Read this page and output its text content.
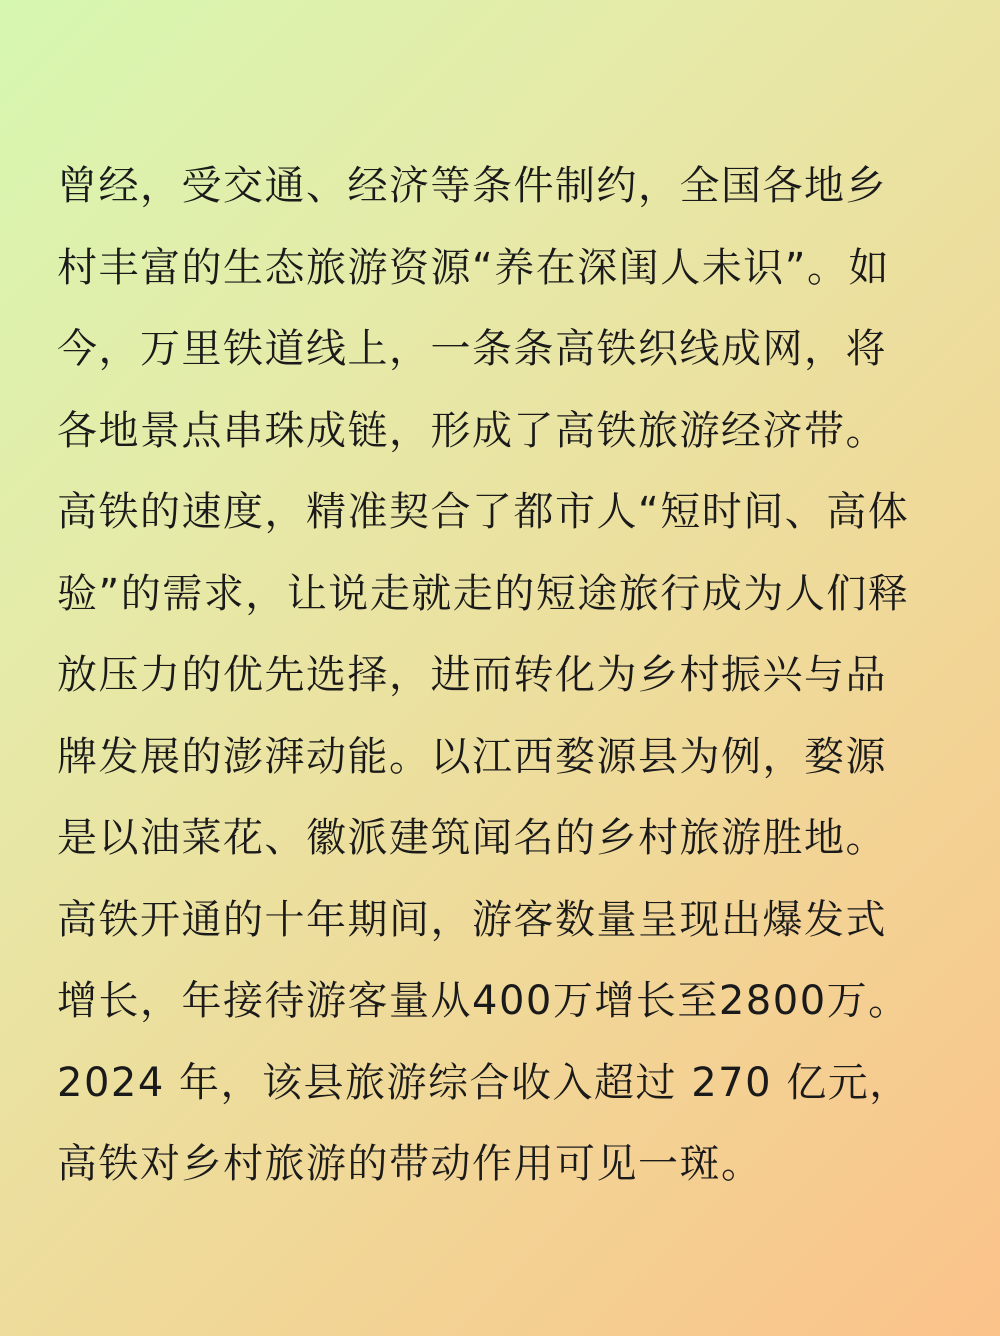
曾经，受交通、经济等条件制约，全国各地乡
村丰富的生态旅游资源“养在深闺人未识”。如
今，万里铁道线上，一条条高铁织线成网，将
各地景点串珠成链，形成了高铁旅游经济带。
高铁的速度，精准契合了都市人“短时间、高体
验”的需求，让说走就走的短途旅行成为人们释
放压力的优先选择，进而转化为乡村振兴与品
牌发展的澎湃动能。以江西婺源县为例，婺源
是以油菜花、徽派建筑闻名的乡村旅游胜地。
高铁开通的十年期间，游客数量呈现出爆发式
增长，年接待游客量从400万增长至2800万。
2024 年，该县旅游综合收入超过 270 亿元，
高铁对乡村旅游的带动作用可见一斑。
